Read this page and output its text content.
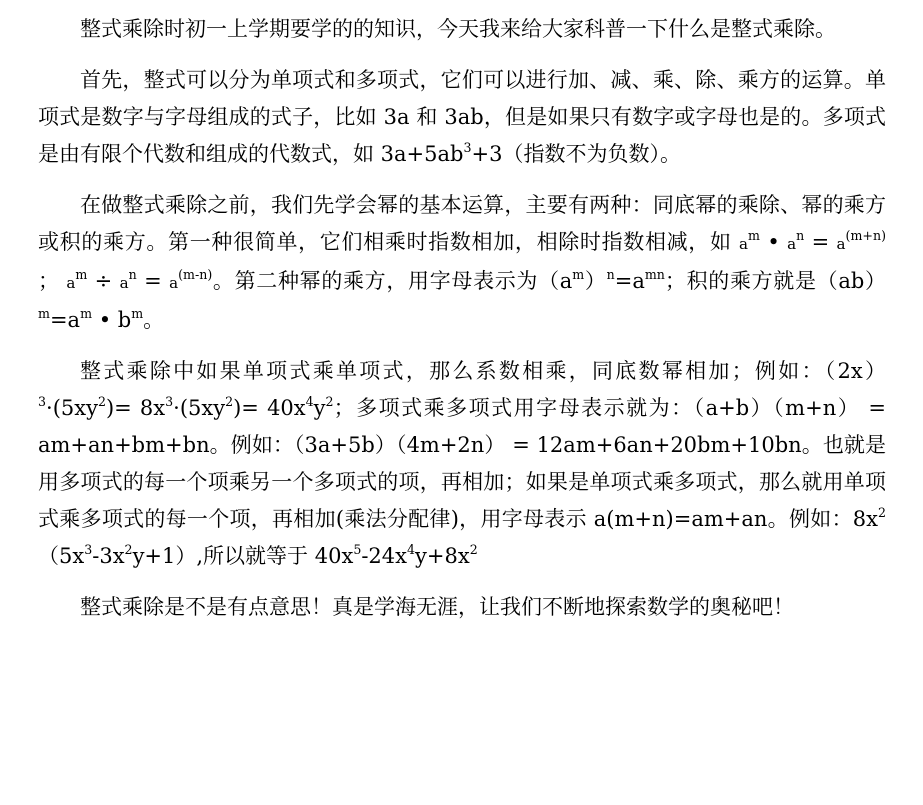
整式乘除时初一上学期要学的的知识，今天我来给大家科普一下什么是整式乘除。

首先，整式可以分为单项式和多项式，它们可以进行加、减、乘、除、乘方的运算。单项式是数字与字母组成的式子，比如 3a 和 3ab，但是如果只有数字或字母也是的。多项式是由有限个代数和组成的代数式，如 $3a+5ab^3+3$（指数不为负数）。

在做整式乘除之前，我们先学会幂的基本运算，主要有两种：同底幂的乘除、幂的乘方或积的乘方。第一种很简单，它们相乘时指数相加，相除时指数相减，如 $a^m$ • $a^n = a^{(m+n)}$ ； $a^m \div a^n = a^{(m-n)}$。第二种幂的乘方，用字母表示为$(a^m)^n=a^{mn}$；积的乘方就是$(ab)^m=a^m$ • $b^m$。

整式乘除中如果单项式乘单项式，那么系数相乘，同底数幂相加；例如：$(2x)^3\cdot(5xy^2)= 8x^3\cdot(5xy^2)= 40x^4y^2$；多项式乘多项式用字母表示就为：（a+b）（m+n） = am+an+bm+bn。例如：（3a+5b）（4m+2n） = 12am+6an+20bm+10bn。也就是用多项式的每一个项乘另一个多项式的项，再相加；如果是单项式乘多项式，那么就用单项式乘多项式的每一个项，再相加(乘法分配律)，用字母表示 a(m+n)=am+an。例如：$8x^2(5x^3-3x^2y+1)$,所以就等于 $40x^5-24x^4y+8x^2$

整式乘除是不是有点意思！真是学海无涯，让我们不断地探索数学的奥秘吧！
